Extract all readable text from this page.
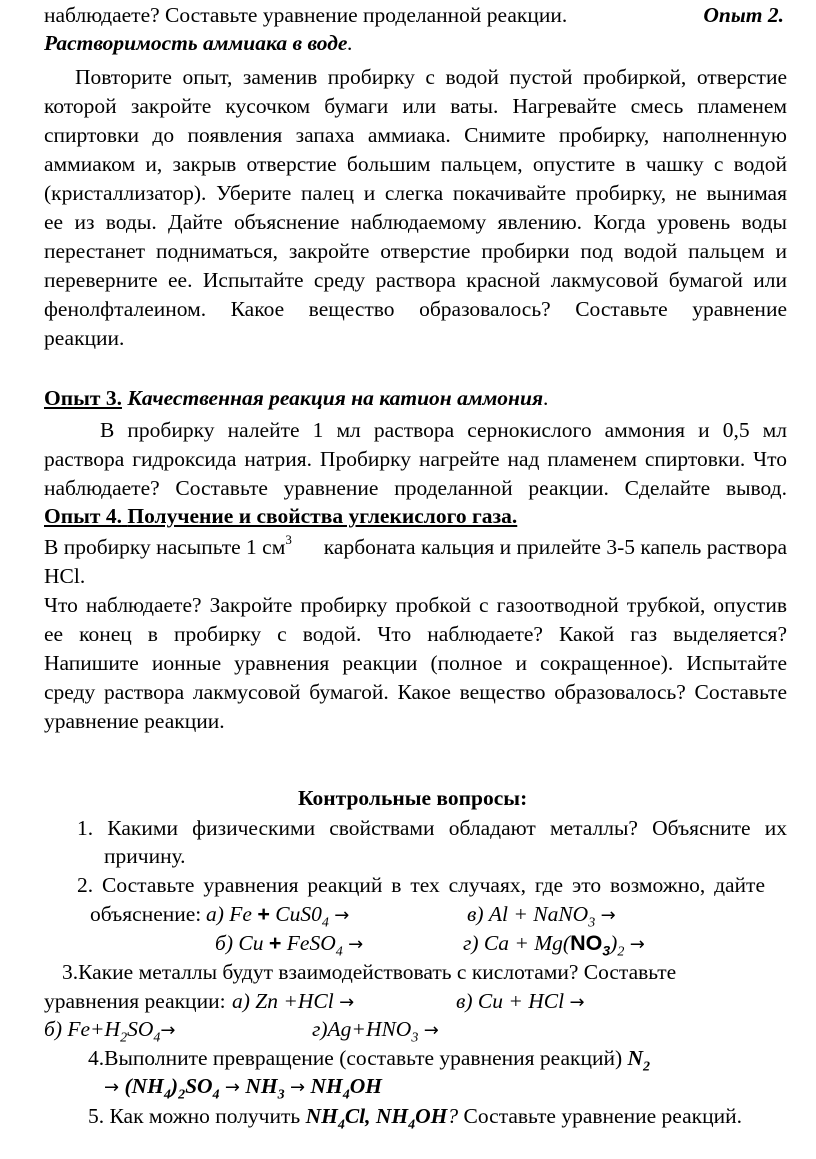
наблюдаете? Составьте уравнение проделанной реакции.	Опыт 2.
Растворимость аммиака в воде.
Повторите опыт, заменив пробирку с водой пустой пробиркой, отверстие
которой закройте кусочком бумаги или ваты. Нагревайте смесь пламенем
спиртовки до появления запаха аммиака. Снимите пробирку, наполненную
аммиаком и, закрыв отверстие большим пальцем, опустите в чашку с водой
(кристаллизатор). Уберите палец и слегка покачивайте пробирку, не вынимая
ее из воды. Дайте объяснение наблюдаемому явлению. Когда уровень воды
перестанет подниматься, закройте отверстие пробирки под водой пальцем и
переверните ее. Испытайте среду раствора красной лакмусовой бумагой или
фенолфталеином. Какое вещество образовалось? Составьте уравнение
реакции.
Опыт 3. Качественная реакция на катион аммония.
В пробирку налейте 1 мл раствора сернокислого аммония и 0,5 мл
раствора гидроксида натрия. Пробирку нагрейте над пламенем спиртовки. Что
наблюдаете? Составьте уравнение проделанной реакции. Сделайте вывод.
Опыт 4. Получение и свойства углекислого газа.
В пробирку насыпьте 1 $см^3$ карбоната кальция и прилейте 3-5 капель раствора
HCl.
Что наблюдаете? Закройте пробирку пробкой с газоотводной трубкой, опустив
ее конец в пробирку с водой. Что наблюдаете? Какой газ выделяется?
Напишите ионные уравнения реакции (полное и сокращенное). Испытайте
среду раствора лакмусовой бумагой. Какое вещество образовалось? Составьте
уравнение реакции.
Контрольные вопросы:
1. Какими физическими свойствами обладают металлы? Объясните их
причину.
2. Составьте уравнения реакций в тех случаях, где это возможно, дайте
объяснение: а) $Fe + CuS0_4$ →	в) Al + NaNO$_3$ →
б) Cu + FeSO$_4$ →	г) $Ca + Mg(NO_3)_2$ →
3.Какие металлы будут взаимодействовать с кислотами? Составьте
уравнения реакции: а) Zn +HCl →	в) Cu + HCl →
б) $Fe+H_2SO_4\to$	$г)Ag+HNO_3$ →
4.Выполните превращение (составьте уравнения реакций) $N_2$
→ $(NH_4)_2SO_4 \to NH_3 \to NH_4OH$
5. Как можно получить $NH_4Cl$, $NH_4OH$? Составьте уравнение реакций.
